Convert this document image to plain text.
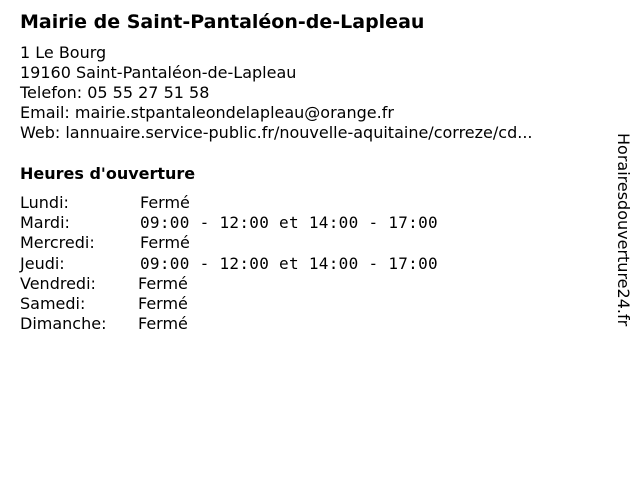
Mairie de Saint-Pantaléon-de-Lapleau
1 Le Bourg
19160 Saint-Pantaléon-de-Lapleau
Telefon: 05 55 27 51 58
Email: mairie.stpantaleondelapleau@orange.fr
Web: lannuaire.service-public.fr/nouvelle-aquitaine/correze/cd...
Heures d'ouverture
Lundi:	Fermé
Mardi:	09:00 - 12:00 et 14:00 - 17:00
Mercredi:	Fermé
Jeudi:	09:00 - 12:00 et 14:00 - 17:00
Vendredi:	Fermé
Samedi:	Fermé
Dimanche: Fermé	Horairesdouverture24.fr
